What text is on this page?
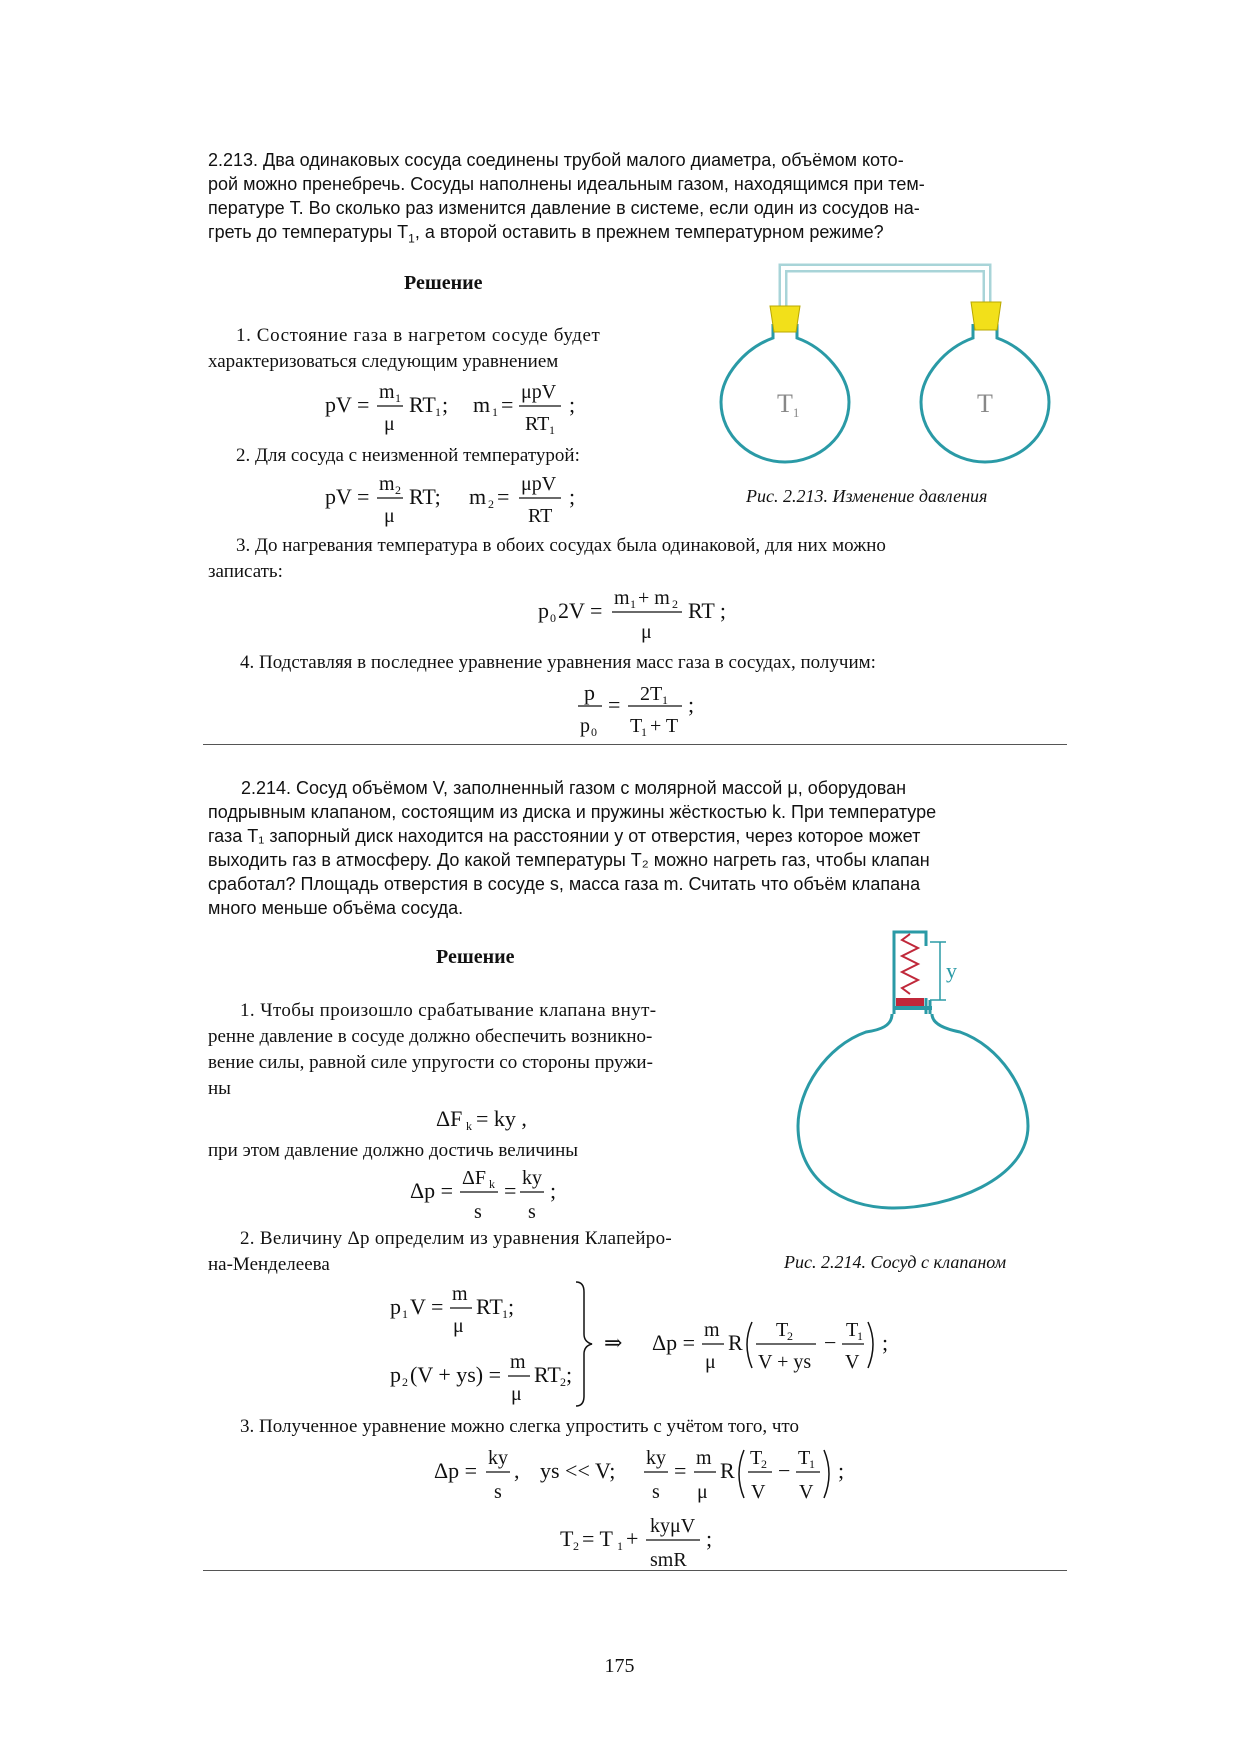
2.213. Два одинаковых сосуда соединены трубой малого диаметра, объёмом кото-
рой можно пренебречь. Сосуды наполнены идеальным газом, находящимся при тем-
пературе T. Во сколько раз изменится давление в системе, если один из сосудов на-
греть до температуры $T_1$, а второй оставить в прежнем температурном режиме?
Решение
1. Состояние газа в нагретом сосуде будет
характеризоваться следующим уравнением
pV = m 1
μ
RT 1 ; m 1 = μpV
RT 1
;
2. Для сосуда с неизменной температурой:
pV = m 2
μ
RT; m 2 = μpV
RT
;
T1	T
Рис. 2.213. Изменение давления
3. До нагревания температура в обоих сосудах была одинаковой, для них можно
записать:
p 0 2V = m 1 + m 2
μ
RT ;
4. Подставляя в последнее уравнение уравнения масс газа в сосудах, получим:
p
p 0
= 2T 1
T
1 + T
;
2.214. Сосуд объёмом V, заполненный газом с молярной массой μ, оборудован
подрывным клапаном, состоящим из диска и пружины жёсткостью k. При температуре
газа T₁ запорный диск находится на расстоянии y от отверстия, через которое может
выходить газ в атмосферу. До какой температуры T₂ можно нагреть газ, чтобы клапан
сработал? Площадь отверстия в сосуде s, масса газа m. Считать что объём клапана
много меньше объёма сосуда.
Решение
1. Чтобы произошло срабатывание клапана внут-
ренне давление в сосуде должно обеспечить возникно-
вение силы, равной силе упругости со стороны пружи-
ны
ΔF k = ky ,
при этом давление должно достичь величины
Δp = ΔF k
s
= ky
s
;
y
2. Величину Δp определим из уравнения Клапейро-
на-Менделеева	Рис. 2.214. Сосуд с клапаном
p 1 V = m
μ
RT 1 ;
p 2 (V + ys) = m
μ
RT 2 ;
⇒ Δp = m
μ
R T
2
V + ys
− T
1
V
;
3. Полученное уравнение можно слегка упростить с учётом того, что
Δp = ky
s
, ys << V; ky
s
= m
μ
R T
2
V
− T
1
V
;
T 2 = T 1 + kyμV
smR
;
175
